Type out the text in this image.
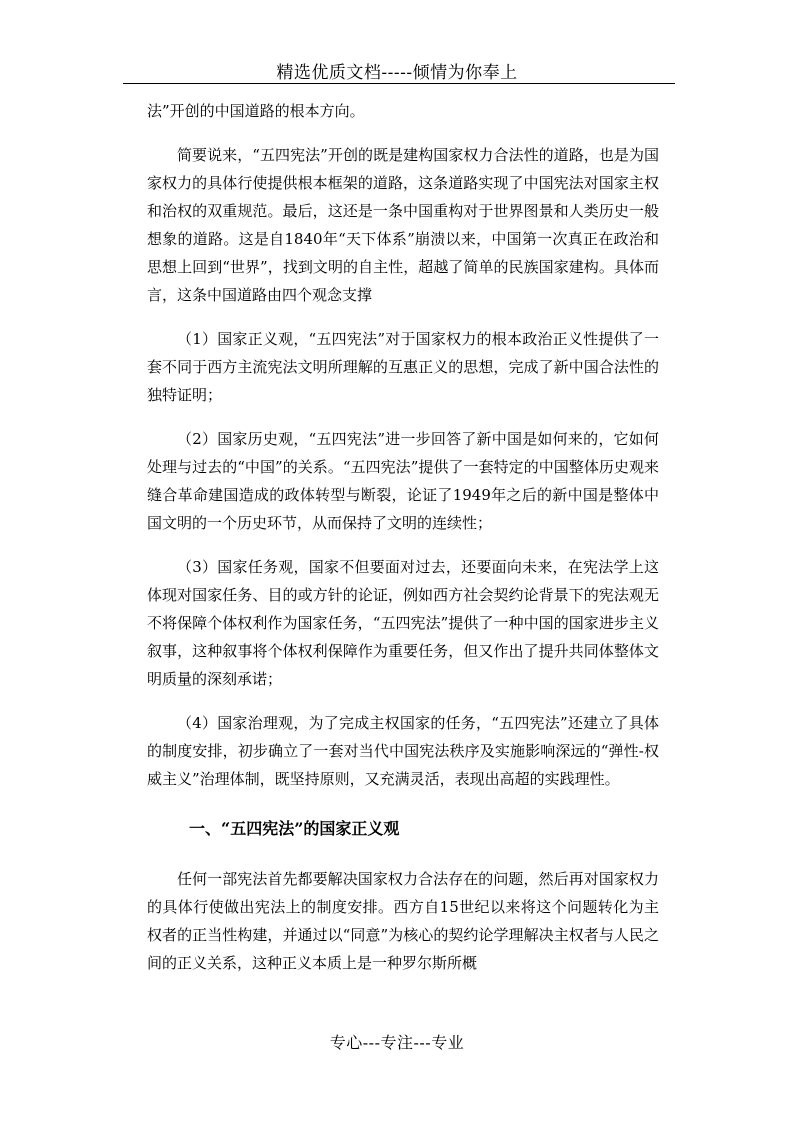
精选优质文档-----倾情为你奉上

法”开创的中国道路的根本方向。

简要说来，“五四宪法”开创的既是建构国家权力合法性的道路，也是为国家权力的具体行使提供根本框架的道路，这条道路实现了中国宪法对国家主权和治权的双重规范。最后，这还是一条中国重构对于世界图景和人类历史一般想象的道路。这是自1840年“天下体系”崩溃以来，中国第一次真正在政治和思想上回到“世界”，找到文明的自主性，超越了简单的民族国家建构。具体而言，这条中国道路由四个观念支撑

（1）国家正义观，“五四宪法”对于国家权力的根本政治正义性提供了一套不同于西方主流宪法文明所理解的互惠正义的思想，完成了新中国合法性的独特证明；

（2）国家历史观，“五四宪法”进一步回答了新中国是如何来的，它如何处理与过去的“中国”的关系。“五四宪法”提供了一套特定的中国整体历史观来缝合革命建国造成的政体转型与断裂，论证了1949年之后的新中国是整体中国文明的一个历史环节，从而保持了文明的连续性；

（3）国家任务观，国家不但要面对过去，还要面向未来，在宪法学上这体现对国家任务、目的或方针的论证，例如西方社会契约论背景下的宪法观无不将保障个体权利作为国家任务，“五四宪法”提供了一种中国的国家进步主义叙事，这种叙事将个体权利保障作为重要任务，但又作出了提升共同体整体文明质量的深刻承诺；

（4）国家治理观，为了完成主权国家的任务，“五四宪法”还建立了具体的制度安排，初步确立了一套对当代中国宪法秩序及实施影响深远的“弹性-权威主义”治理体制，既坚持原则，又充满灵活，表现出高超的实践理性。

一、“五四宪法”的国家正义观

任何一部宪法首先都要解决国家权力合法存在的问题，然后再对国家权力的具体行使做出宪法上的制度安排。西方自15世纪以来将这个问题转化为主权者的正当性构建，并通过以“同意”为核心的契约论学理解决主权者与人民之间的正义关系，这种正义本质上是一种罗尔斯所概

专心---专注---专业
